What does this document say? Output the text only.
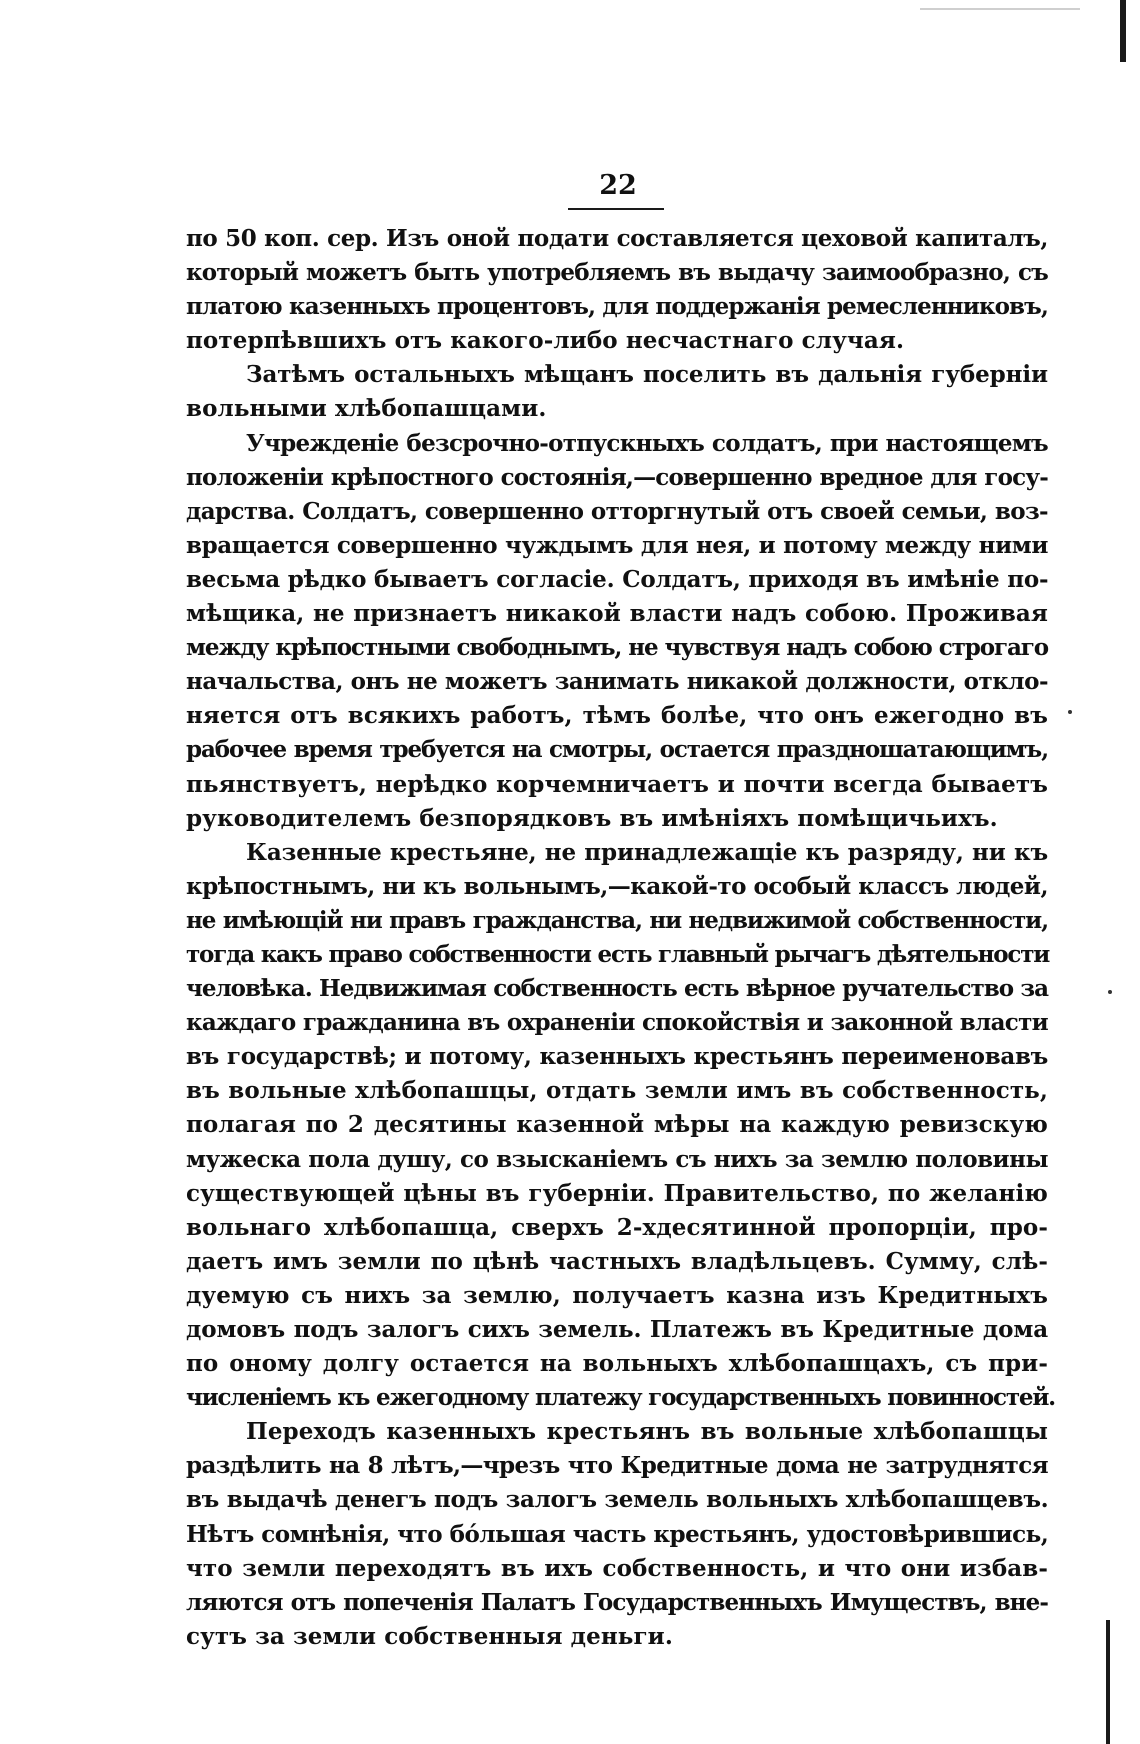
22
по 50 коп. сер. Изъ оной подати составляется цеховой капиталъ,
который можетъ быть употребляемъ въ выдачу заимообразно, съ
платою казенныхъ процентовъ, для поддержанія ремесленниковъ,
потерпѣвшихъ отъ какого-либо несчастнаго случая.
Затѣмъ остальныхъ мѣщанъ поселить въ дальнія губерніи
вольными хлѣбопашцами.
Учрежденіе безсрочно-отпускныхъ солдатъ, при настоящемъ
положеніи крѣпостного состоянія,—совершенно вредное для госу-
дарства. Солдатъ, совершенно отторгнутый отъ своей семьи, воз-
вращается совершенно чуждымъ для нея, и потому между ними
весьма рѣдко бываетъ согласіе. Солдатъ, приходя въ имѣніе по-
мѣщика, не признаетъ никакой власти надъ собою. Проживая
между крѣпостными свободнымъ, не чувствуя надъ собою строгаго
начальства, онъ не можетъ занимать никакой должности, откло-
няется отъ всякихъ работъ, тѣмъ болѣе, что онъ ежегодно въ
рабочее время требуется на смотры, остается праздношатающимъ,
пьянствуетъ, нерѣдко корчемничаетъ и почти всегда бываетъ
руководителемъ безпорядковъ въ имѣніяхъ помѣщичьихъ.
Казенные крестьяне, не принадлежащіе къ разряду, ни къ
крѣпостнымъ, ни къ вольнымъ,—какой-то особый классъ людей,
не имѣющій ни правъ гражданства, ни недвижимой собственности,
тогда какъ право собственности есть главный рычагъ дѣятельности
человѣка. Недвижимая собственность есть вѣрное ручательство за
каждаго гражданина въ охраненіи спокойствія и законной власти
въ государствѣ; и потому, казенныхъ крестьянъ переименовавъ
въ вольные хлѣбопашцы, отдать земли имъ въ собственность,
полагая по 2 десятины казенной мѣры на каждую ревизскую
мужеска пола душу, со взысканіемъ съ нихъ за землю половины
существующей цѣны въ губерніи. Правительство, по желанію
вольнаго хлѣбопашца, сверхъ 2-хдесятинной пропорціи, про-
даетъ имъ земли по цѣнѣ частныхъ владѣльцевъ. Сумму, слѣ-
дуемую съ нихъ за землю, получаетъ казна изъ Кредитныхъ
домовъ подъ залогъ сихъ земель. Платежъ въ Кредитные дома
по оному долгу остается на вольныхъ хлѣбопашцахъ, съ при-
численіемъ къ ежегодному платежу государственныхъ повинностей.
Переходъ казенныхъ крестьянъ въ вольные хлѣбопашцы
раздѣлить на 8 лѣтъ,—чрезъ что Кредитные дома не затруднятся
въ выдачѣ денегъ подъ залогъ земель вольныхъ хлѣбопашцевъ.
Нѣтъ сомнѣнія, что бóльшая часть крестьянъ, удостовѣрившись,
что земли переходятъ въ ихъ собственность, и что они избав-
ляются отъ попеченія Палатъ Государственныхъ Имуществъ, вне-
сутъ за земли собственныя деньги.
